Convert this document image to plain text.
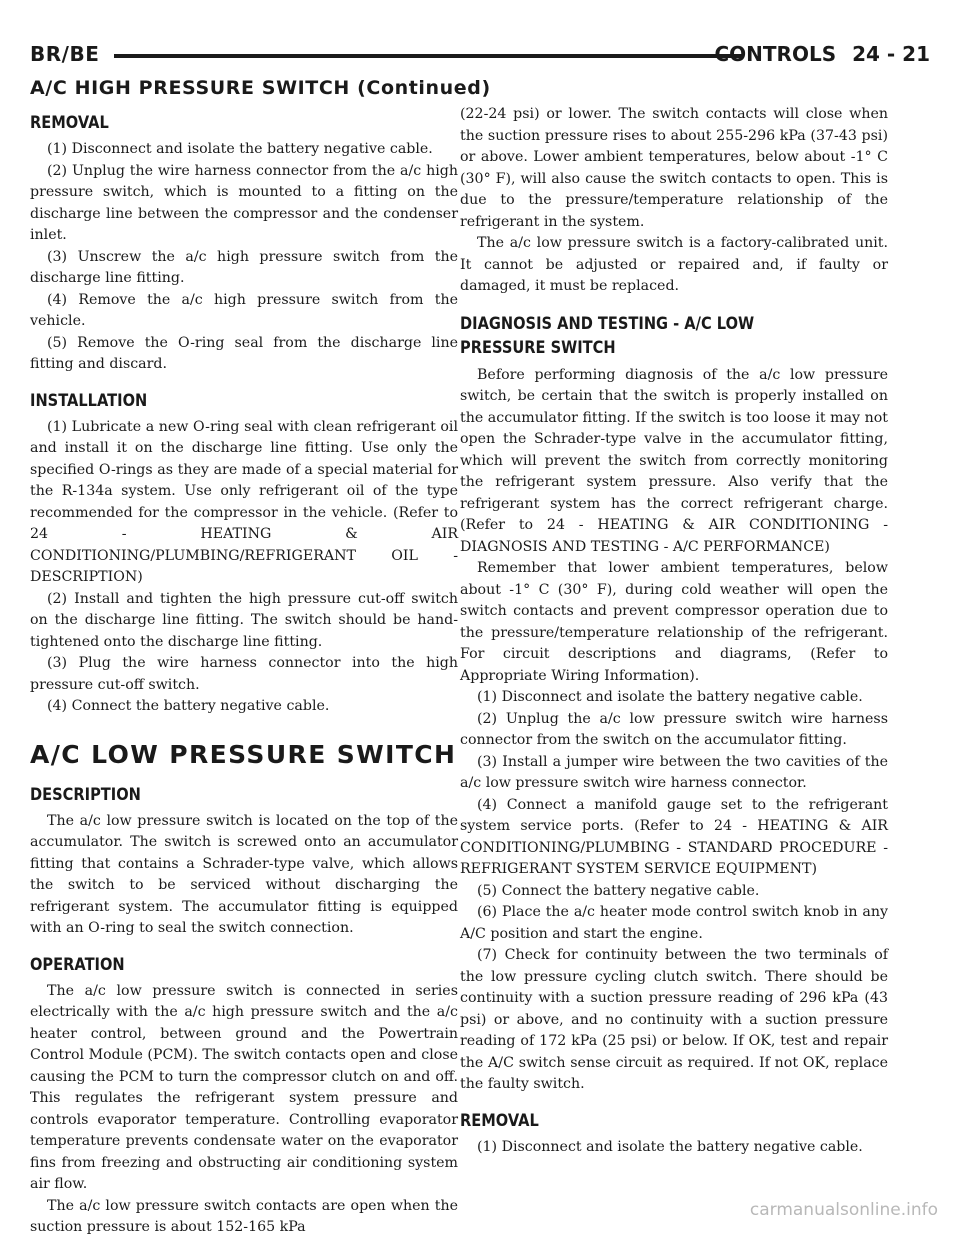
BR/BE	CONTROLS 24 - 21
A/C HIGH PRESSURE SWITCH (Continued)
REMOVAL

(1) Disconnect and isolate the battery negative cable.

(2) Unplug the wire harness connector from the a/c high pressure switch, which is mounted to a fitting on the discharge line between the compressor and the condenser inlet.

(3) Unscrew the a/c high pressure switch from the discharge line fitting.

(4) Remove the a/c high pressure switch from the vehicle.

(5) Remove the O-ring seal from the discharge line fitting and discard.

INSTALLATION

(1) Lubricate a new O-ring seal with clean refrigerant oil and install it on the discharge line fitting. Use only the specified O-rings as they are made of a special material for the R-134a system. Use only refrigerant oil of the type recommended for the compressor in the vehicle. (Refer to 24 - HEATING & AIR CONDITIONING/PLUMBING/REFRIGERANT OIL - DESCRIPTION)

(2) Install and tighten the high pressure cut-off switch on the discharge line fitting. The switch should be hand-tightened onto the discharge line fitting.

(3) Plug the wire harness connector into the high pressure cut-off switch.

(4) Connect the battery negative cable.

A/C LOW PRESSURE SWITCH
DESCRIPTION

The a/c low pressure switch is located on the top of the accumulator. The switch is screwed onto an accumulator fitting that contains a Schrader-type valve, which allows the switch to be serviced without discharging the refrigerant system. The accumulator fitting is equipped with an O-ring to seal the switch connection.

OPERATION

The a/c low pressure switch is connected in series electrically with the a/c high pressure switch and the a/c heater control, between ground and the Powertrain Control Module (PCM). The switch contacts open and close causing the PCM to turn the compressor clutch on and off. This regulates the refrigerant system pressure and controls evaporator temperature. Controlling evaporator temperature prevents condensate water on the evaporator fins from freezing and obstructing air conditioning system air flow.

The a/c low pressure switch contacts are open when the suction pressure is about 152-165 kPa

(22-24 psi) or lower. The switch contacts will close when the suction pressure rises to about 255-296 kPa (37-43 psi) or above. Lower ambient temperatures, below about -1° C (30° F), will also cause the switch contacts to open. This is due to the pressure/temperature relationship of the refrigerant in the system.

The a/c low pressure switch is a factory-calibrated unit. It cannot be adjusted or repaired and, if faulty or damaged, it must be replaced.

DIAGNOSIS AND TESTING - A/C LOW
PRESSURE SWITCH

Before performing diagnosis of the a/c low pressure switch, be certain that the switch is properly installed on the accumulator fitting. If the switch is too loose it may not open the Schrader-type valve in the accumulator fitting, which will prevent the switch from correctly monitoring the refrigerant system pressure. Also verify that the refrigerant system has the correct refrigerant charge. (Refer to 24 - HEATING & AIR CONDITIONING - DIAGNOSIS AND TESTING - A/C PERFORMANCE)

Remember that lower ambient temperatures, below about -1° C (30° F), during cold weather will open the switch contacts and prevent compressor operation due to the pressure/temperature relationship of the refrigerant. For circuit descriptions and diagrams, (Refer to Appropriate Wiring Information).

(1) Disconnect and isolate the battery negative cable.

(2) Unplug the a/c low pressure switch wire harness connector from the switch on the accumulator fitting.

(3) Install a jumper wire between the two cavities of the a/c low pressure switch wire harness connector.

(4) Connect a manifold gauge set to the refrigerant system service ports. (Refer to 24 - HEATING & AIR CONDITIONING/PLUMBING - STANDARD PROCEDURE - REFRIGERANT SYSTEM SERVICE EQUIPMENT)

(5) Connect the battery negative cable.

(6) Place the a/c heater mode control switch knob in any A/C position and start the engine.

(7) Check for continuity between the two terminals of the low pressure cycling clutch switch. There should be continuity with a suction pressure reading of 296 kPa (43 psi) or above, and no continuity with a suction pressure reading of 172 kPa (25 psi) or below. If OK, test and repair the A/C switch sense circuit as required. If not OK, replace the faulty switch.

REMOVAL

(1) Disconnect and isolate the battery negative cable.

carmanualsonline.info
